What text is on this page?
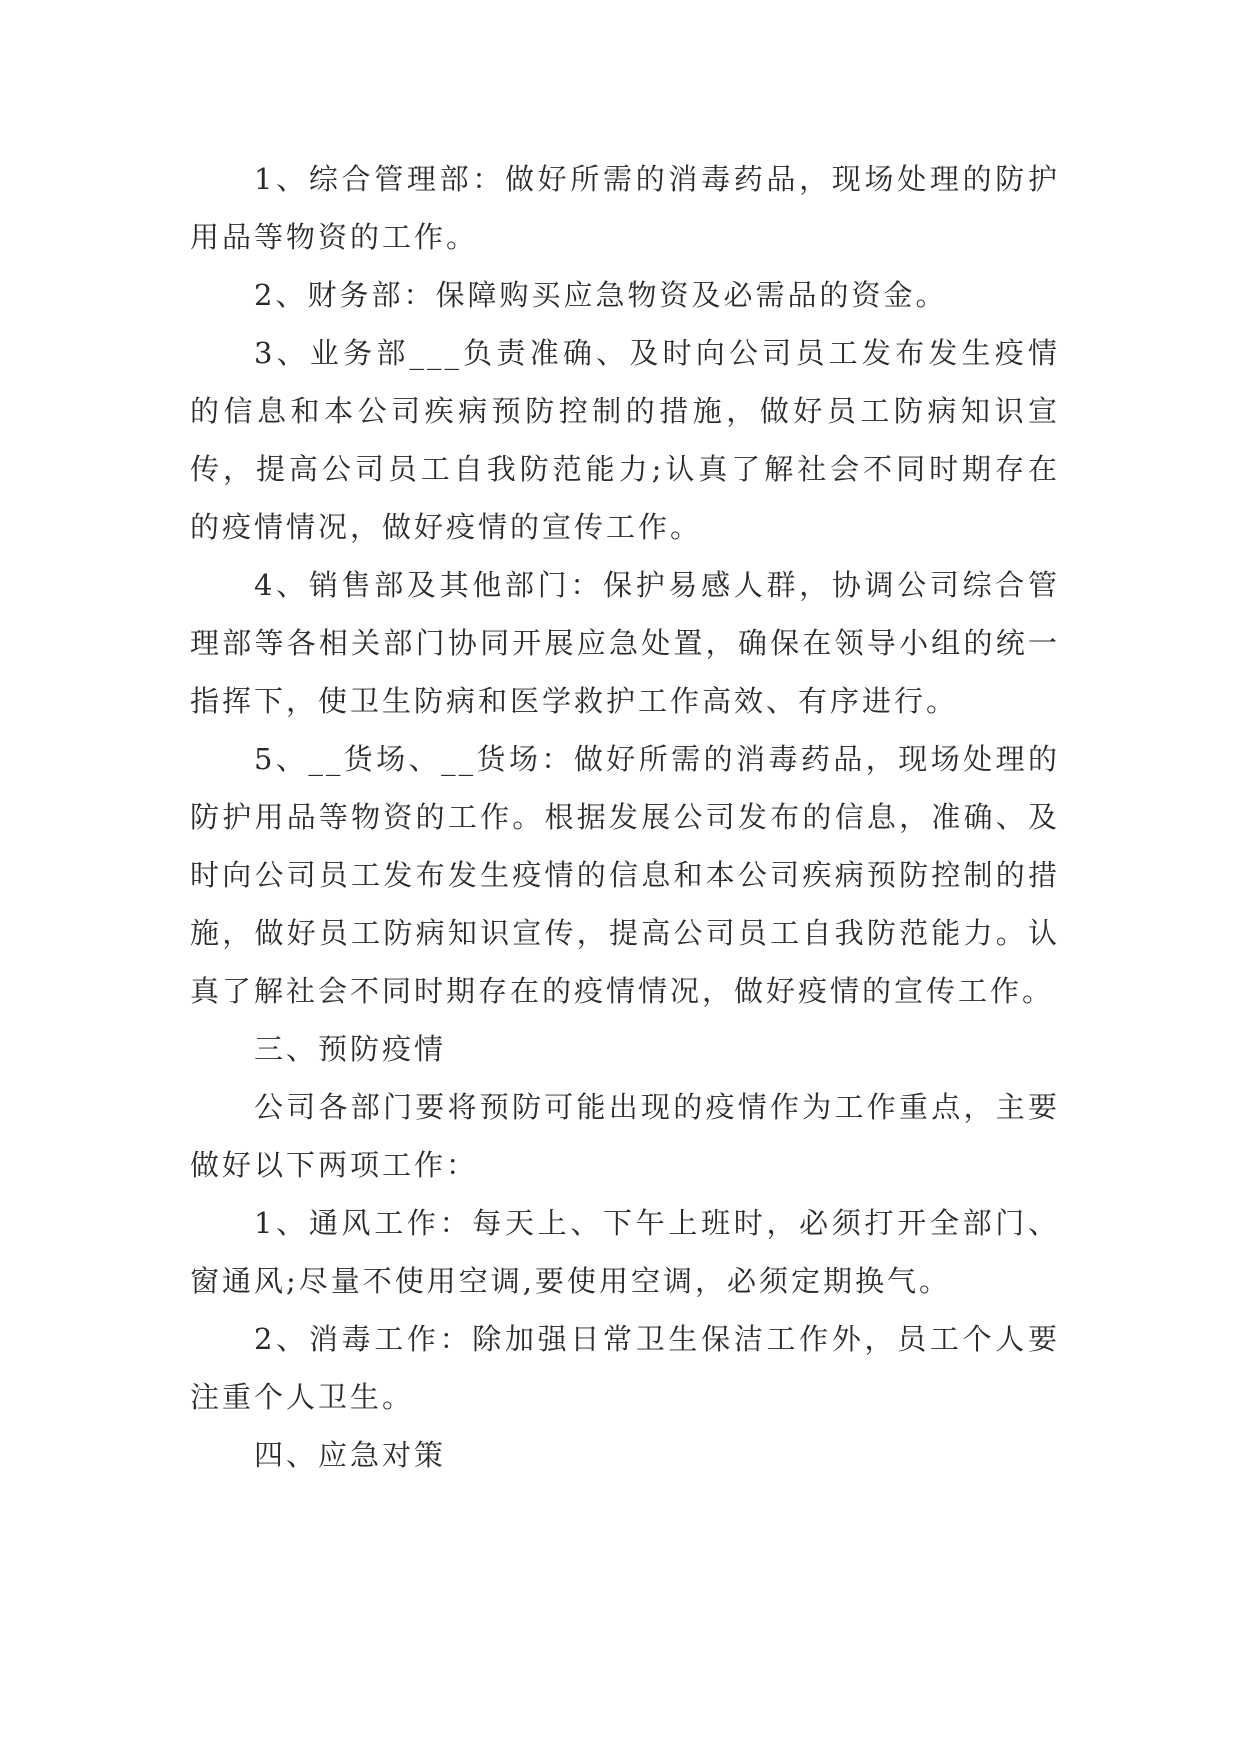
1、综合管理部：做好所需的消毒药品，现场处理的防护用品等物资的工作。

2、财务部：保障购买应急物资及必需品的资金。

3、业务部___负责准确、及时向公司员工发布发生疫情的信息和本公司疾病预防控制的措施，做好员工防病知识宣传，提高公司员工自我防范能力;认真了解社会不同时期存在的疫情情况，做好疫情的宣传工作。

4、销售部及其他部门：保护易感人群，协调公司综合管理部等各相关部门协同开展应急处置，确保在领导小组的统一指挥下，使卫生防病和医学救护工作高效、有序进行。

5、__货场、__货场：做好所需的消毒药品，现场处理的防护用品等物资的工作。根据发展公司发布的信息，准确、及时向公司员工发布发生疫情的信息和本公司疾病预防控制的措施，做好员工防病知识宣传，提高公司员工自我防范能力。认真了解社会不同时期存在的疫情情况，做好疫情的宣传工作。

三、预防疫情

公司各部门要将预防可能出现的疫情作为工作重点，主要做好以下两项工作：

1、通风工作：每天上、下午上班时，必须打开全部门、窗通风;尽量不使用空调,要使用空调，必须定期换气。

2、消毒工作：除加强日常卫生保洁工作外，员工个人要注重个人卫生。

四、应急对策
